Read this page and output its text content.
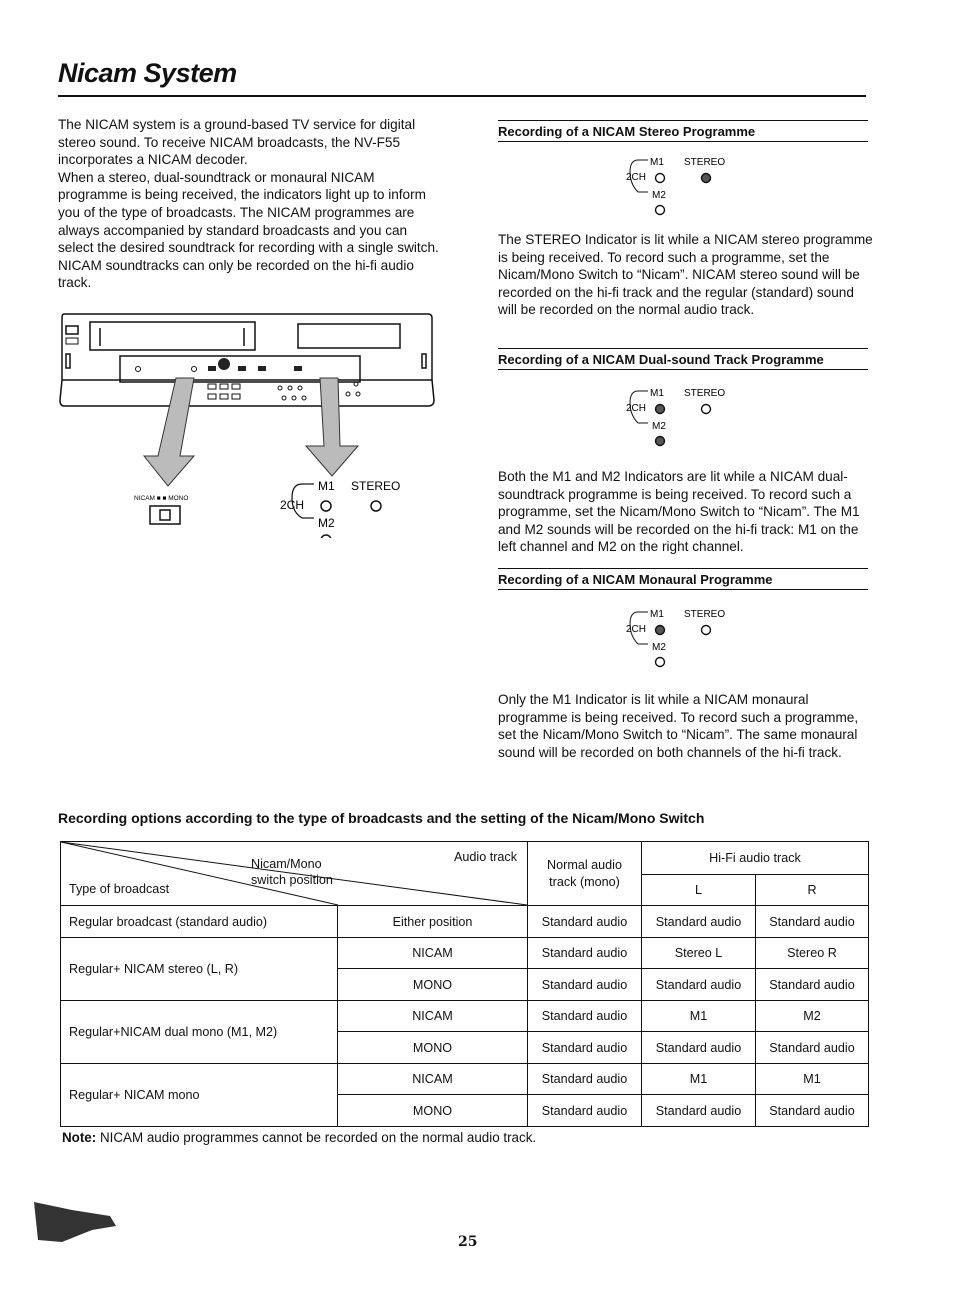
Nicam System

The NICAM system is a ground-based TV service for digital stereo sound. To receive NICAM broadcasts, the NV-F55 incorporates a NICAM decoder.

When a stereo, dual-soundtrack or monaural NICAM programme is being received, the indicators light up to inform you of the type of broadcasts. The NICAM programmes are always accompanied by standard broadcasts and you can select the desired soundtrack for recording with a single switch. NICAM soundtracks can only be recorded on the hi-fi audio track.

NICAM ■ ■ MONO
M1 STEREO
2CH
M2
Recording of a NICAM Stereo Programme
M1 STEREO
2CH
M2

The STEREO Indicator is lit while a NICAM stereo programme is being received. To record such a programme, set the Nicam/Mono Switch to “Nicam”. NICAM stereo sound will be recorded on the hi-fi track and the regular (standard) sound will be recorded on the normal audio track.

Recording of a NICAM Dual-sound Track Programme
M1 STEREO
2CH
M2

Both the M1 and M2 Indicators are lit while a NICAM dual-soundtrack programme is being received. To record such a programme, set the Nicam/Mono Switch to “Nicam”. The M1 and M2 sounds will be recorded on the hi-fi track: M1 on the left channel and M2 on the right channel.

Recording of a NICAM Monaural Programme
M1 STEREO
2CH
M2

Only the M1 Indicator is lit while a NICAM monaural programme is being received. To record such a programme, set the Nicam/Mono Switch to “Nicam”. The same monaural sound will be recorded on both channels of the hi-fi track.

Recording options according to the type of broadcasts and the setting of the Nicam/Mono Switch
Audio track
Nicam/Mono
switch position
Type of broadcast		Normal audio track (mono)	Hi-Fi audio track	
			L	R
Regular broadcast (standard audio)	Either position	Standard audio	Standard audio	Standard audio
Regular+ NICAM stereo (L, R)	NICAM	Standard audio	Stereo L	Stereo R
	MONO	Standard audio	Standard audio	Standard audio
Regular+NICAM dual mono (M1, M2)	NICAM	Standard audio	M1	M2
	MONO	Standard audio	Standard audio	Standard audio
Regular+ NICAM mono	NICAM	Standard audio	M1	M1
	MONO	Standard audio	Standard audio	Standard audio
Note: NICAM audio programmes cannot be recorded on the normal audio track.
25
